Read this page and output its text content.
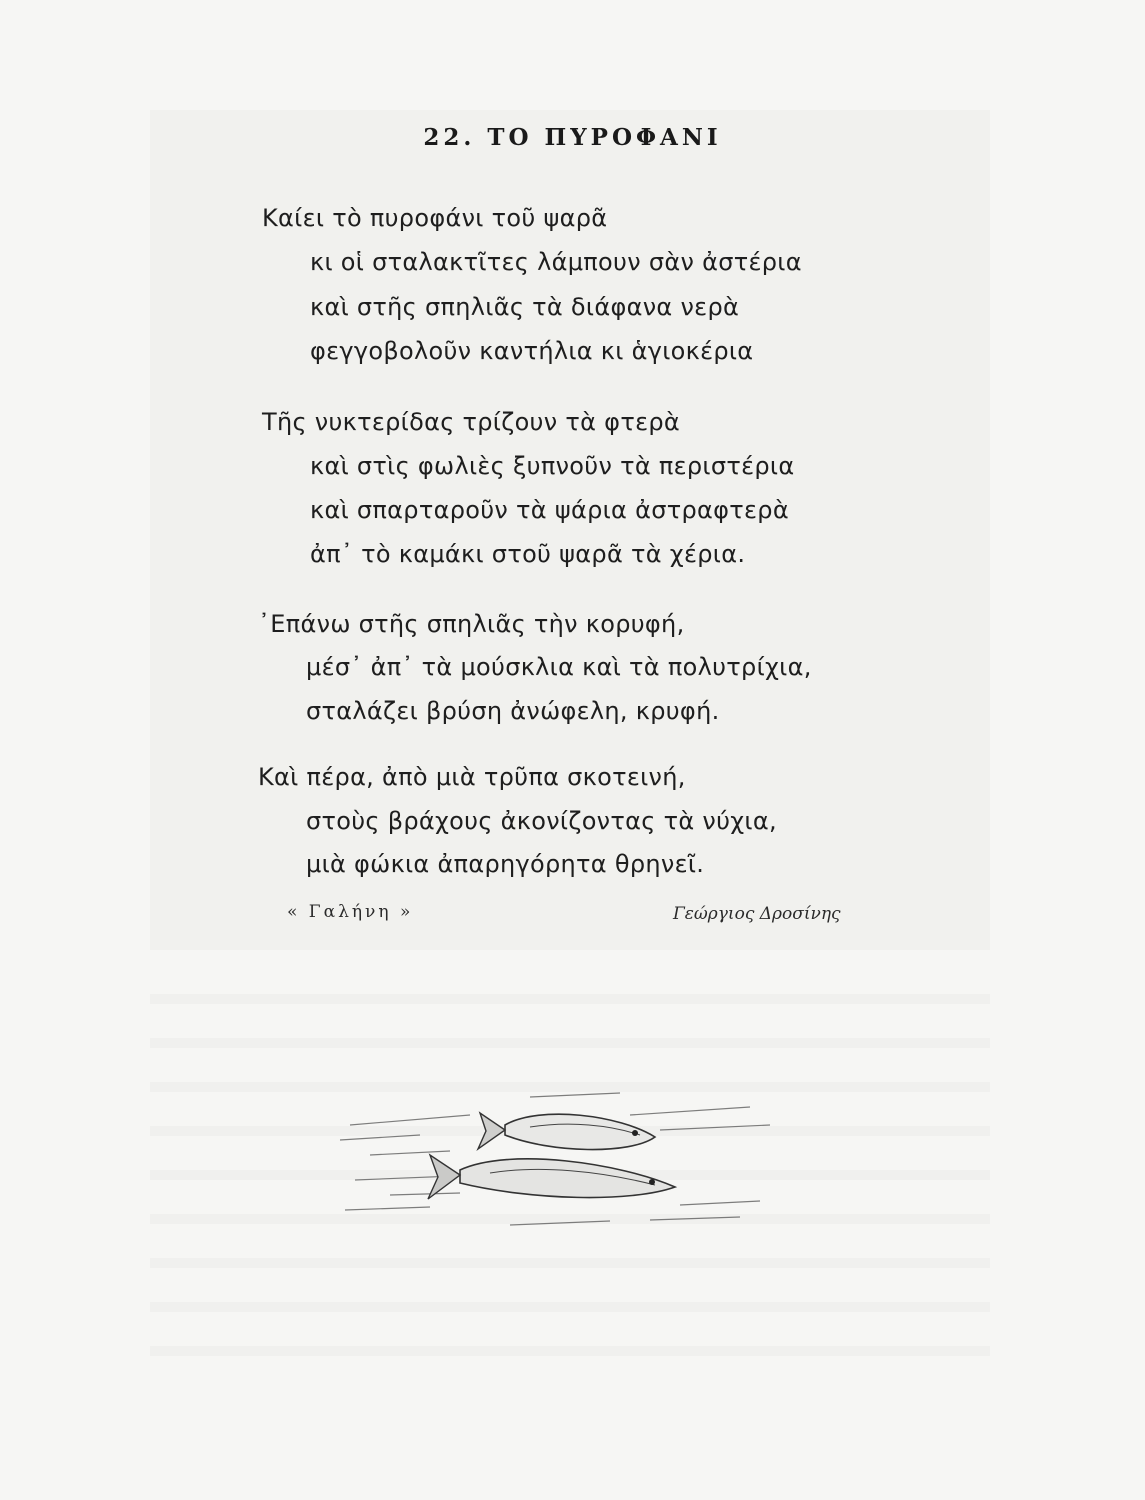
22. ΤΟ ΠΥΡΟΦΑΝΙ
Καίει τὸ πυροφάνι τοῦ ψαρᾶ
κι οἱ σταλακτῖτες λάμπουν σὰν ἀστέρια
καὶ στῆς σπηλιᾶς τὰ διάφανα νερὰ
φεγγοβολοῦν καντήλια κι ἁγιοκέρια
Τῆς νυκτερίδας τρίζουν τὰ φτερὰ
καὶ στὶς φωλιὲς ξυπνοῦν τὰ περιστέρια
καὶ σπαρταροῦν τὰ ψάρια ἀστραφτερὰ
ἀπ᾽ τὸ καμάκι στοῦ ψαρᾶ τὰ χέρια.
᾽Επάνω στῆς σπηλιᾶς τὴν κορυφή,
μέσ᾽ ἀπ᾽ τὰ μούσκλια καὶ τὰ πολυτρίχια,
σταλάζει βρύση ἀνώφελη, κρυφή.
Καὶ πέρα, ἀπὸ μιὰ τρῦπα σκοτεινή,
στοὺς βράχους ἀκονίζοντας τὰ νύχια,
μιὰ φώκια ἀπαρηγόρητα θρηνεῖ.
« Γαλήνη »	Γεώργιος Δροσίνης
